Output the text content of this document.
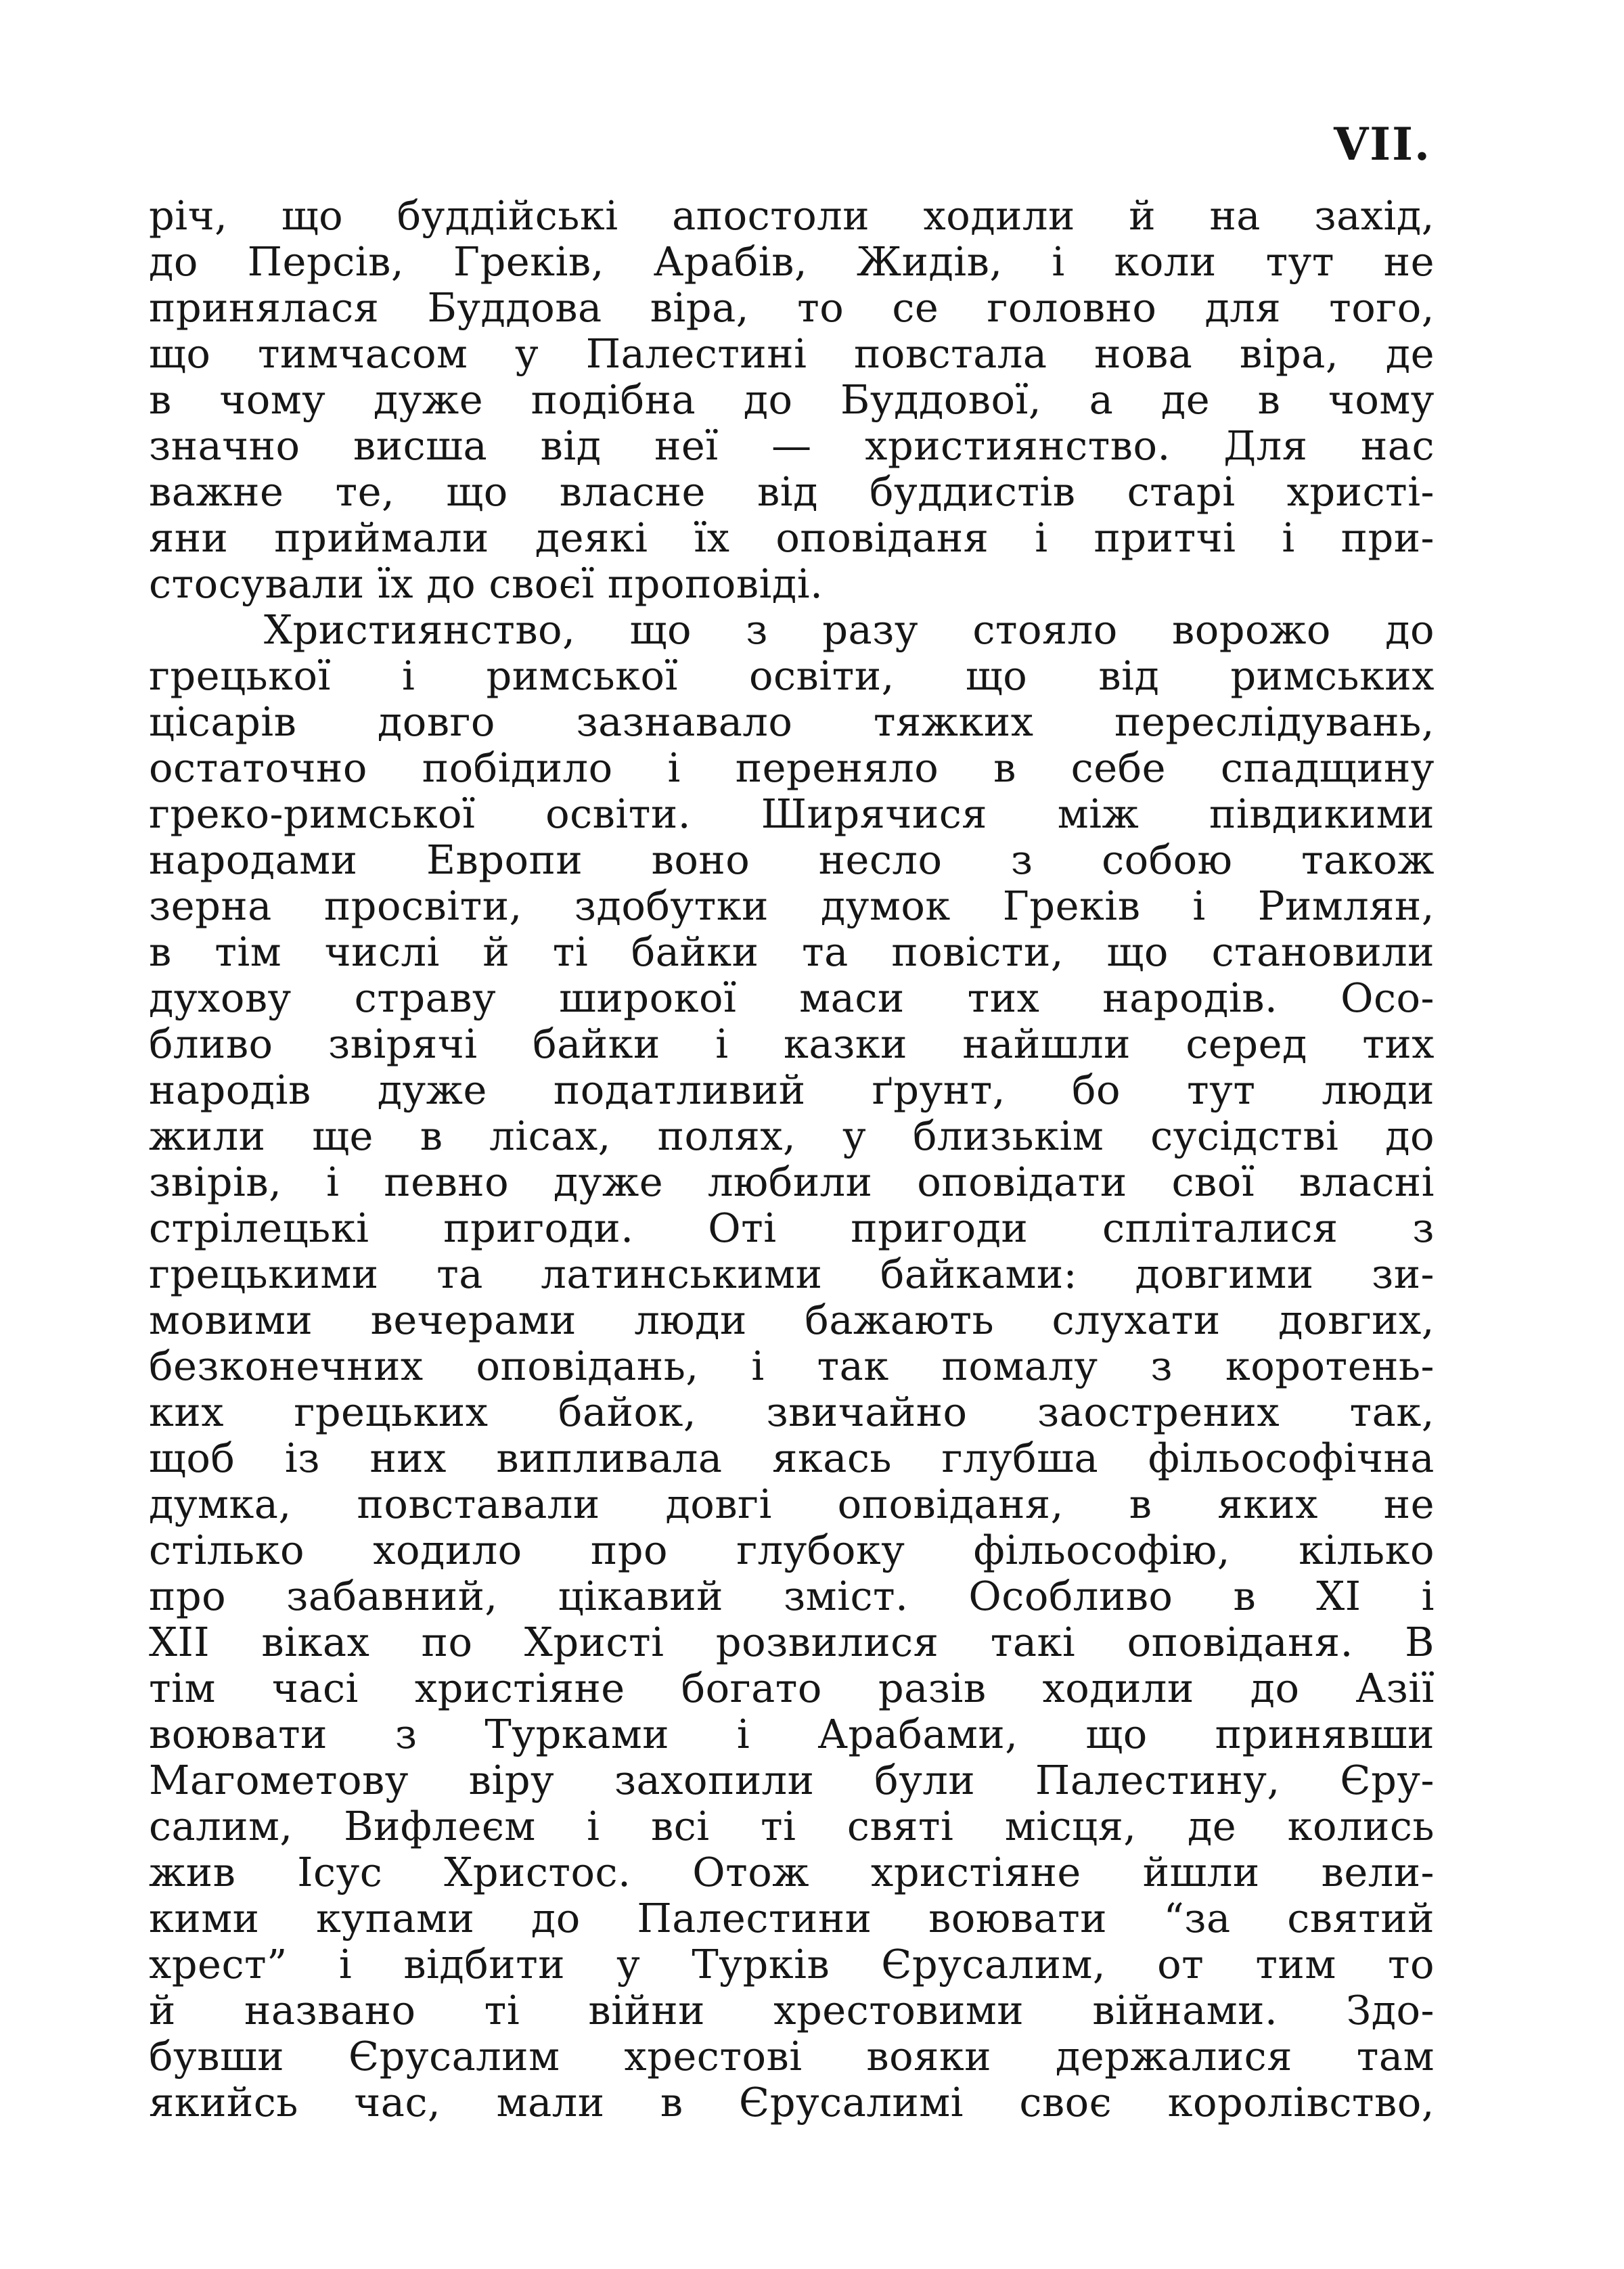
VII.
річ, що буддійські апостоли ходили й на захід,
до Персів, Греків, Арабів, Жидів, і коли тут не
принялася Буддова віра, то се головно для того,
що тимчасом у Палестині повстала нова віра, де
в чому дуже подібна до Буддової, а де в чому
значно висша від неї — християнство. Для нас
важне те, що власне від буддистів старі христі-
яни приймали деякі їх оповіданя і притчі і при-
стосували їх до своєї проповіді.
Християнство, що з разу стояло ворожо до
грецької і римської освіти, що від римських
цісарів довго зазнавало тяжких переслідувань,
остаточно побідило і переняло в себе спадщину
греко-римської освіти. Ширячися між півдикими
народами Европи воно несло з собою також
зерна просвіти, здобутки думок Греків і Римлян,
в тім числі й ті байки та повісти, що становили
духову страву широкої маси тих народів. Осо-
бливо звірячі байки і казки найшли серед тих
народів дуже податливий ґрунт, бо тут люди
жили ще в лісах, полях, у близькім сусідстві до
звірів, і певно дуже любили оповідати свої власні
стрілецькі пригоди. Оті пригоди сплiталися з
грецькими та латинськими байками: довгими зи-
мовими вечерами люди бажають слухати довгих,
безконечних оповідань, і так помалу з коротень-
ких грецьких байок, звичайно заострених так,
щоб із них випливала якась глубша фільософічна
думка, повставали довгі оповіданя, в яких не
стілько ходило про глубоку фільософію, кілько
про забавний, цікавий зміст. Особливо в XI і
XII віках по Христі розвилися такі оповіданя. В
тім часі христіяне богато разів ходили до Азії
воювати з Турками і Арабами, що принявши
Магометову віру захопили були Палестину, Єру-
салим, Вифлеєм і всі ті святі місця, де колись
жив Ісус Христос. Отож христіяне йшли вели-
кими купами до Палестини воювати “за святий
хрест” і відбити у Турків Єрусалим, от тим то
й названо ті війни хрестовими війнами. Здо-
бувши Єрусалим хрестові вояки держалися там
якийсь час, мали в Єрусалимі своє королівство,
